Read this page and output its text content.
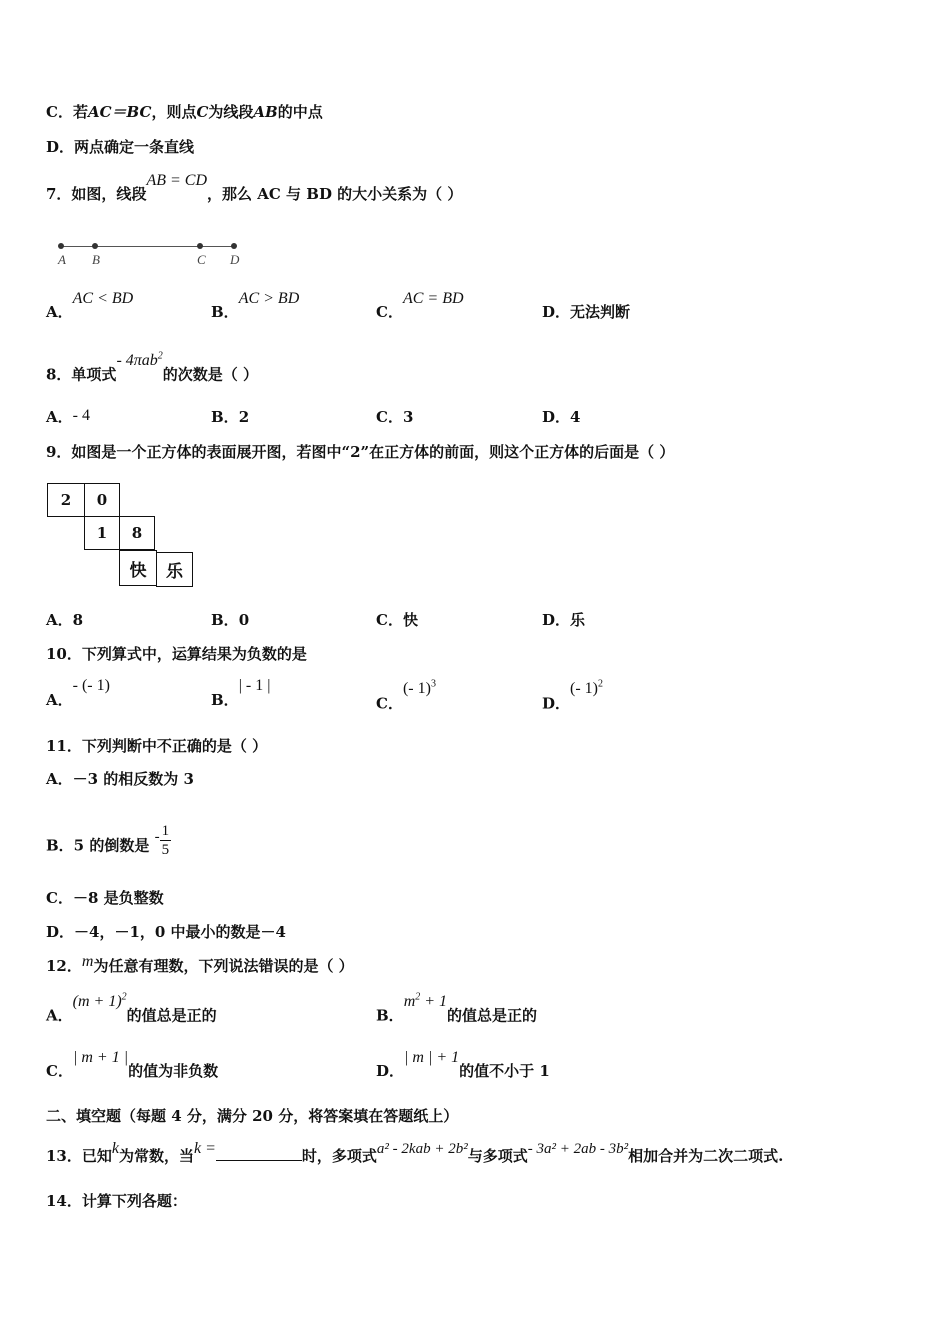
C．若AC＝BC，则点C为线段AB的中点
D．两点确定一条直线
7．如图，线段AB = CD，那么 AC 与 BD 的大小关系为（ ）
A B	C D
A．AC < BD
B．AC > BD
C．AC = BD
D．无法判断
8．单项式- 4πab$^2$的次数是（ ）
A．- 4	B．2	C．3	D．4
9．如图是一个正方体的表面展开图，若图中“2”在正方体的前面，则这个正方体的后面是（ ）
2	0
1	8
快	乐
A．8	B．0	C．快	D．乐
10．下列算式中，运算结果为负数的是
A．- (- 1)
B．| - 1 |
C．(- 1)$^3$
D．(- 1)$^2$
11．下列判断中不正确的是（ ）
A．－3 的相反数为 3
B．5 的倒数是 - $\frac{1}{5}$
C．－8 是负整数
D．－4，－1，0 中最小的数是－4
12．m为任意有理数，下列说法错误的是（ ）
A．$(m + 1)^2$的值总是正的	B．$m^2 + 1$的值总是正的
C．| m + 1 |的值为非负数	D．| m | + 1的值不小于 1
二、填空题（每题 4 分，满分 20 分，将答案填在答题纸上）
13．已知k为常数，当k =	时，多项式a² - 2kab + 2b²与多项式- 3a² + 2ab - 3b²相加合并为二次二项式.
14．计算下列各题：
